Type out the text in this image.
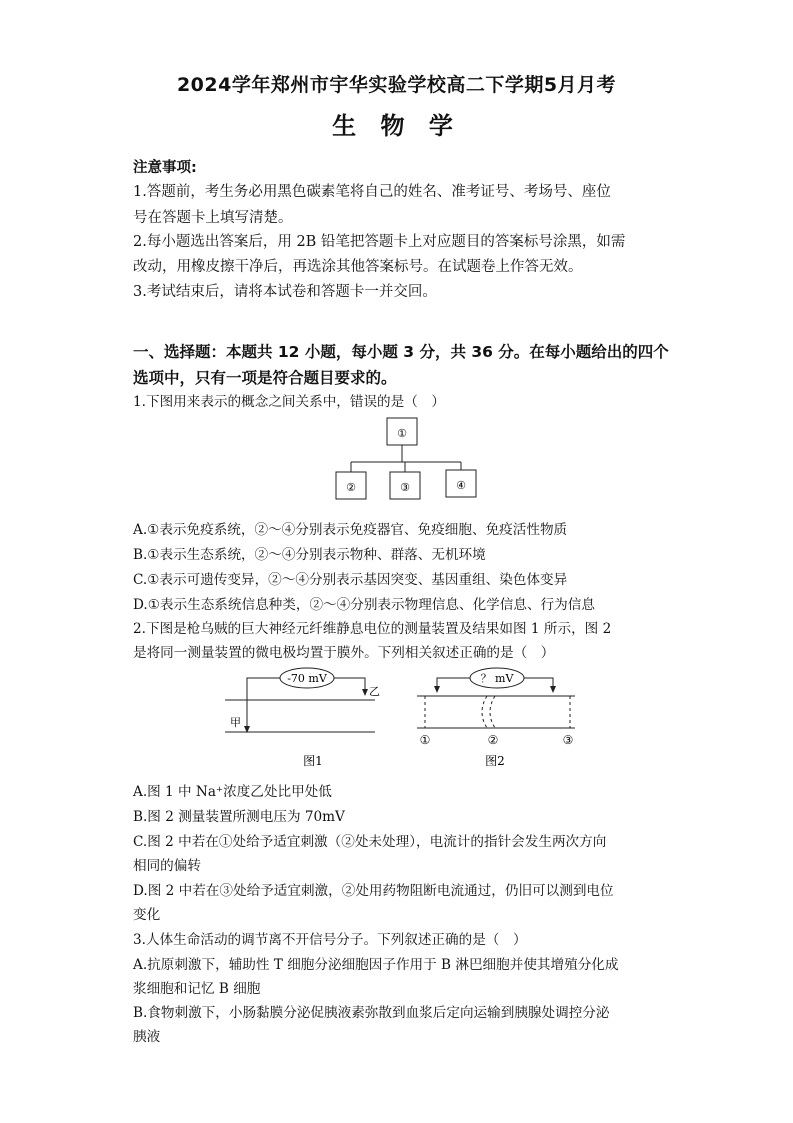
2024学年郑州市宇华实验学校高二下学期5月月考
生 物 学
注意事项:
1.答题前，考生务必用黑色碳素笔将自己的姓名、准考证号、考场号、座位
号在答题卡上填写清楚。
2.每小题选出答案后，用 2B 铅笔把答题卡上对应题目的答案标号涂黑，如需
改动，用橡皮擦干净后，再选涂其他答案标号。在试题卷上作答无效。
3.考试结束后，请将本试卷和答题卡一并交回。
一、选择题：本题共 12 小题，每小题 3 分，共 36 分。在每小题给出的四个
选项中，只有一项是符合题目要求的。
1.下图用来表示的概念之间关系中，错误的是（　）
①
②	③	④
A.①表示免疫系统，②～④分别表示免疫器官、免疫细胞、免疫活性物质
B.①表示生态系统，②～④分别表示物种、群落、无机环境
C.①表示可遗传变异，②～④分别表示基因突变、基因重组、染色体变异
D.①表示生态系统信息种类，②～④分别表示物理信息、化学信息、行为信息
2.下图是枪乌贼的巨大神经元纤维静息电位的测量装置及结果如图 1 所示，图 2
是将同一测量装置的微电极均置于膜外。下列相关叙述正确的是（　）
-70 mV
乙
甲
图1
？ mV
①	②	③
图2
A.图 1 中 Na⁺浓度乙处比甲处低
B.图 2 测量装置所测电压为 70mV
C.图 2 中若在①处给予适宜刺激（②处未处理），电流计的指针会发生两次方向
相同的偏转
D.图 2 中若在③处给予适宜刺激，②处用药物阻断电流通过，仍旧可以测到电位
变化
3.人体生命活动的调节离不开信号分子。下列叙述正确的是（　）
A.抗原刺激下，辅助性 T 细胞分泌细胞因子作用于 B 淋巴细胞并使其增殖分化成
浆细胞和记忆 B 细胞
B.食物刺激下，小肠黏膜分泌促胰液素弥散到血浆后定向运输到胰腺处调控分泌
胰液
